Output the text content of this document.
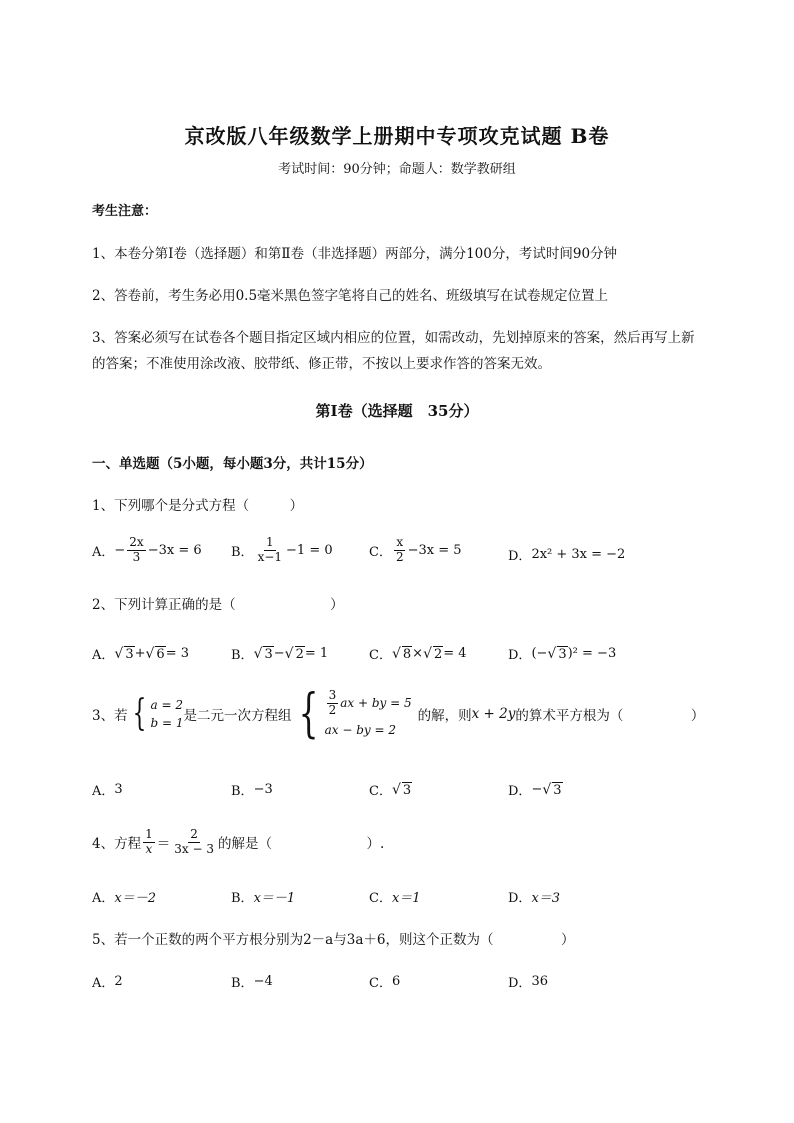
京改版八年级数学上册期中专项攻克试题 B卷
考试时间：90分钟；命题人：数学教研组
考生注意：
1、本卷分第I卷（选择题）和第Ⅱ卷（非选择题）两部分，满分100分，考试时间90分钟
2、答卷前，考生务必用0.5毫米黑色签字笔将自己的姓名、班级填写在试卷规定位置上
3、答案必须写在试卷各个题目指定区域内相应的位置，如需改动，先划掉原来的答案，然后再写上新
的答案；不准使用涂改液、胶带纸、修正带，不按以上要求作答的答案无效。
第I卷（选择题　35分）
一、单选题（5小题，每小题3分，共计15分）
1、下列哪个是分式方程（　　　）
A． − $\frac{2x}{3} -3x = 6$ B． $\frac{1}{x-1} -1 = 0$	C． $\frac{x}{2} -3x = 5$	D． 2x² + 3x = −2
2、下列计算正确的是（　　　　　　　）
A． √ 3 + √ 6 = 3	B． √ 3 − √ 2 = 1	C． √ 8 × √ 2 = 4	D． (− √ 3 )² = −3
3、若 { a = 2
b = 1 是二元一次方程组 { $\frac{3}{2}$ ax + by = 5
ax − by = 2
的解，则 x + 2y 的算术平方根为（　　　　　）
A． 3	B． −3	C． √ 3	D． − √ 3
4、方程 $\frac{1}{x} = \frac{2}{3x - 3}$ 的解是（　　　　　　　）.
A． x＝－2	B． x＝－1	C． x＝1	D． x＝3
5、若一个正数的两个平方根分别为2－a与3a＋6，则这个正数为（　　　　　）
A． 2	B． −4	C． 6	D． 36
